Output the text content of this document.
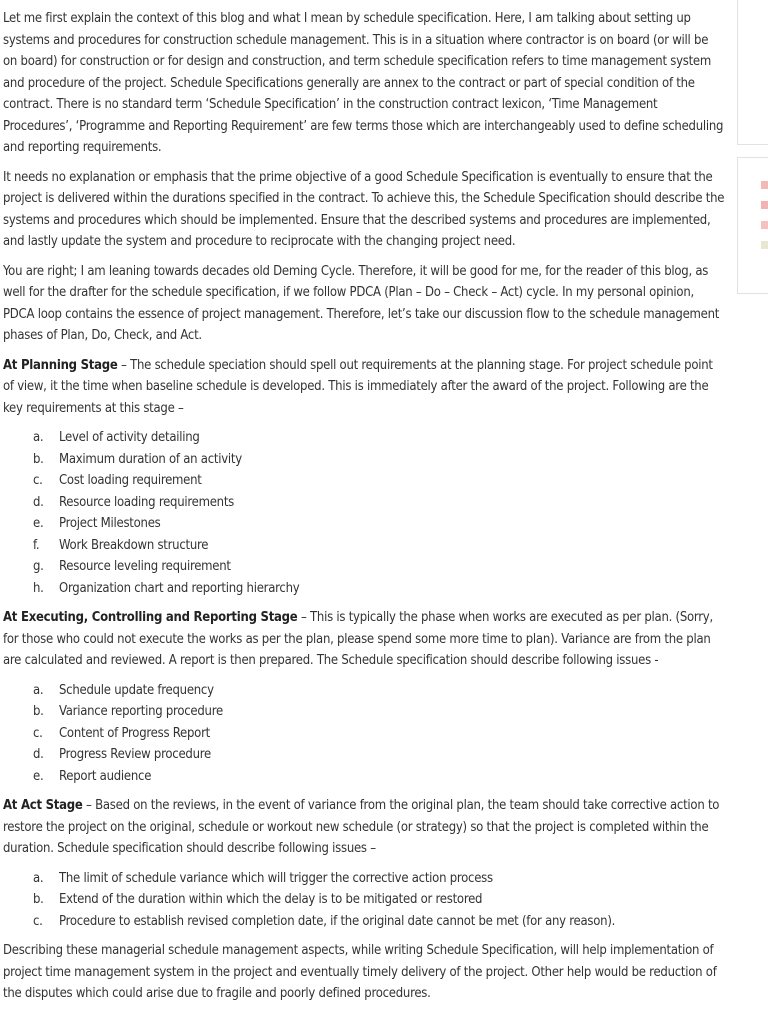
Let me first explain the context of this blog and what I mean by schedule specification. Here, I am talking about setting up systems and procedures for construction schedule management. This is in a situation where contractor is on board (or will be on board) for construction or for design and construction, and term schedule specification refers to time management system and procedure of the project. Schedule Specifications generally are annex to the contract or part of special condition of the contract. There is no standard term ‘Schedule Specification’ in the construction contract lexicon, ‘Time Management Procedures’, ‘Programme and Reporting Requirement’ are few terms those which are interchangeably used to define scheduling and reporting requirements.

It needs no explanation or emphasis that the prime objective of a good Schedule Specification is eventually to ensure that the project is delivered within the durations specified in the contract. To achieve this, the Schedule Specification should describe the systems and procedures which should be implemented. Ensure that the described systems and procedures are implemented, and lastly update the system and procedure to reciprocate with the changing project need.

You are right; I am leaning towards decades old Deming Cycle. Therefore, it will be good for me, for the reader of this blog, as well for the drafter for the schedule specification, if we follow PDCA (Plan – Do – Check – Act) cycle. In my personal opinion, PDCA loop contains the essence of project management. Therefore, let’s take our discussion flow to the schedule management phases of Plan, Do, Check, and Act.

At Planning Stage – The schedule speciation should spell out requirements at the planning stage. For project schedule point of view, it the time when baseline schedule is developed. This is immediately after the award of the project. Following are the key requirements at this stage –

a. Level of activity detailing
b. Maximum duration of an activity
c. Cost loading requirement
d. Resource loading requirements
e. Project Milestones
f. Work Breakdown structure
g. Resource leveling requirement
h. Organization chart and reporting hierarchy

At Executing, Controlling and Reporting Stage – This is typically the phase when works are executed as per plan. (Sorry, for those who could not execute the works as per the plan, please spend some more time to plan). Variance are from the plan are calculated and reviewed. A report is then prepared. The Schedule specification should describe following issues -

a. Schedule update frequency
b. Variance reporting procedure
c. Content of Progress Report
d. Progress Review procedure
e. Report audience

At Act Stage – Based on the reviews, in the event of variance from the original plan, the team should take corrective action to restore the project on the original, schedule or workout new schedule (or strategy) so that the project is completed within the duration. Schedule specification should describe following issues –

a. The limit of schedule variance which will trigger the corrective action process
b. Extend of the duration within which the delay is to be mitigated or restored
c. Procedure to establish revised completion date, if the original date cannot be met (for any reason).

Describing these managerial schedule management aspects, while writing Schedule Specification, will help implementation of project time management system in the project and eventually timely delivery of the project. Other help would be reduction of the disputes which could arise due to fragile and poorly defined procedures.
